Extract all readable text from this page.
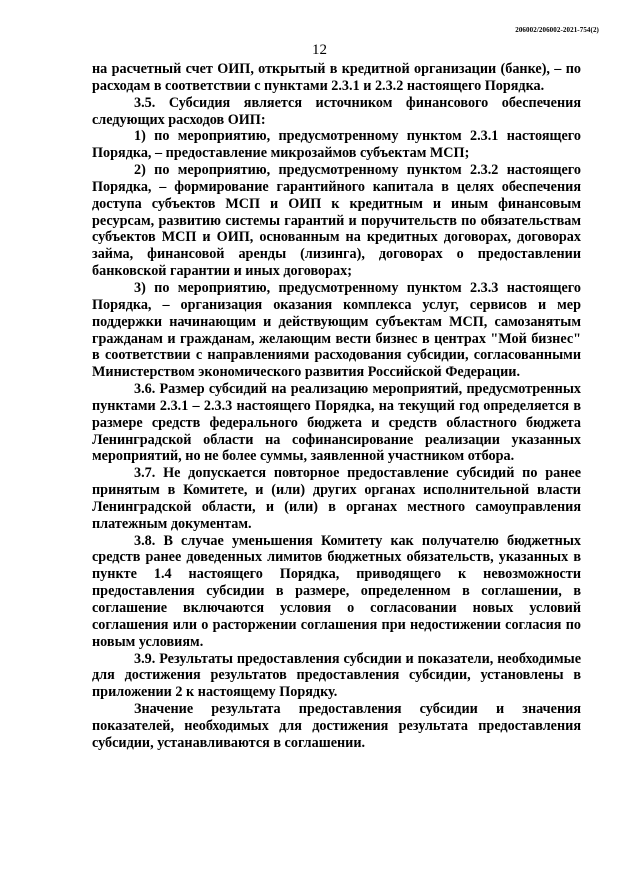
206002/206002-2021-754(2)
12

на расчетный счет ОИП, открытый в кредитной организации (банке), – по расходам в соответствии с пунктами 2.3.1 и 2.3.2 настоящего Порядка.

3.5. Субсидия является источником финансового обеспечения следующих расходов ОИП:

1) по мероприятию, предусмотренному пунктом 2.3.1 настоящего Порядка, – предоставление микрозаймов субъектам МСП;

2) по мероприятию, предусмотренному пунктом 2.3.2 настоящего Порядка, – формирование гарантийного капитала в целях обеспечения доступа субъектов МСП и ОИП к кредитным и иным финансовым ресурсам, развитию системы гарантий и поручительств по обязательствам субъектов МСП и ОИП, основанным на кредитных договорах, договорах займа, финансовой аренды (лизинга), договорах о предоставлении банковской гарантии и иных договорах;

3) по мероприятию, предусмотренному пунктом 2.3.3 настоящего Порядка, – организация оказания комплекса услуг, сервисов и мер поддержки начинающим и действующим субъектам МСП, самозанятым гражданам и гражданам, желающим вести бизнес в центрах "Мой бизнес" в соответствии с направлениями расходования субсидии, согласованными Министерством экономического развития Российской Федерации.

3.6. Размер субсидий на реализацию мероприятий, предусмотренных пунктами 2.3.1 – 2.3.3 настоящего Порядка, на текущий год определяется в размере средств федерального бюджета и средств областного бюджета Ленинградской области на софинансирование реализации указанных мероприятий, но не более суммы, заявленной участником отбора.

3.7. Не допускается повторное предоставление субсидий по ранее принятым в Комитете, и (или) других органах исполнительной власти Ленинградской области, и (или) в органах местного самоуправления платежным документам.

3.8. В случае уменьшения Комитету как получателю бюджетных средств ранее доведенных лимитов бюджетных обязательств, указанных в пункте 1.4 настоящего Порядка, приводящего к невозможности предоставления субсидии в размере, определенном в соглашении, в соглашение включаются условия о согласовании новых условий соглашения или о расторжении соглашения при недостижении согласия по новым условиям.

3.9. Результаты предоставления субсидии и показатели, необходимые для достижения результатов предоставления субсидии, установлены в приложении 2 к настоящему Порядку.

Значение результата предоставления субсидии и значения показателей, необходимых для достижения результата предоставления субсидии, устанавливаются в соглашении.
